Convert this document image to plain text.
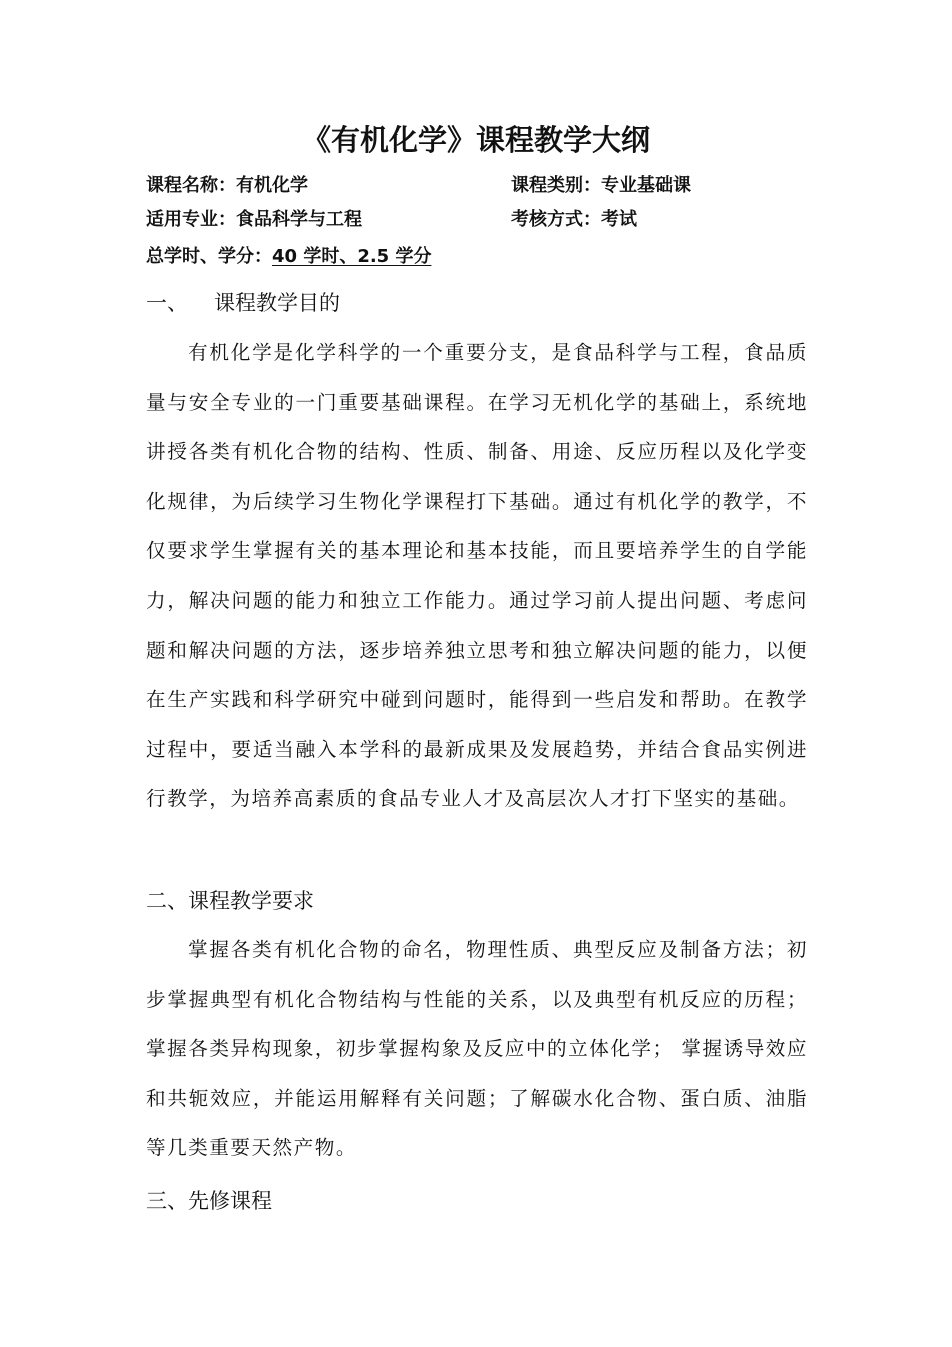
《有机化学》课程教学大纲
课程名称：有机化学	课程类别：专业基础课
适用专业：食品科学与工程	考核方式：考试
总学时、学分：40 学时、2.5 学分
一、 课程教学目的

有机化学是化学科学的一个重要分支，是食品科学与工程，食品质量与安全专业的一门重要基础课程。在学习无机化学的基础上，系统地讲授各类有机化合物的结构、性质、制备、用途、反应历程以及化学变化规律，为后续学习生物化学课程打下基础。通过有机化学的教学，不仅要求学生掌握有关的基本理论和基本技能，而且要培养学生的自学能力，解决问题的能力和独立工作能力。通过学习前人提出问题、考虑问题和解决问题的方法，逐步培养独立思考和独立解决问题的能力，以便在生产实践和科学研究中碰到问题时，能得到一些启发和帮助。在教学过程中，要适当融入本学科的最新成果及发展趋势，并结合食品实例进行教学，为培养高素质的食品专业人才及高层次人才打下坚实的基础。

二、课程教学要求

掌握各类有机化合物的命名，物理性质、典型反应及制备方法；初步掌握典型有机化合物结构与性能的关系，以及典型有机反应的历程；掌握各类异构现象，初步掌握构象及反应中的立体化学； 掌握诱导效应和共轭效应，并能运用解释有关问题；了解碳水化合物、蛋白质、油脂等几类重要天然产物。

三、先修课程
